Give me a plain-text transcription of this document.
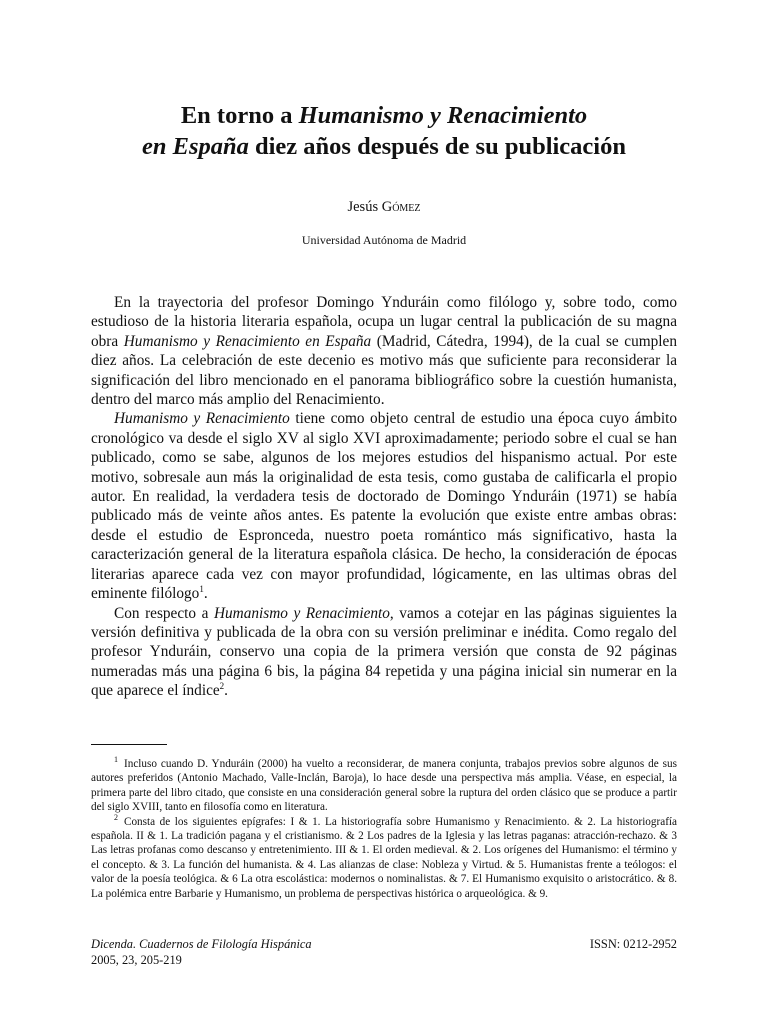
En torno a Humanismo y Renacimiento
en España diez años después de su publicación
Jesús Gómez
Universidad Autónoma de Madrid

En la trayectoria del profesor Domingo Ynduráin como filólogo y, sobre todo, como estudioso de la historia literaria española, ocupa un lugar central la publicación de su magna obra Humanismo y Renacimiento en España (Madrid, Cátedra, 1994), de la cual se cumplen diez años. La celebración de este decenio es motivo más que suficiente para reconsiderar la significación del libro mencionado en el panorama bibliográfico sobre la cuestión humanista, dentro del marco más amplio del Renacimiento.

Humanismo y Renacimiento tiene como objeto central de estudio una época cuyo ámbito cronológico va desde el siglo XV al siglo XVI aproximadamente; periodo sobre el cual se han publicado, como se sabe, algunos de los mejores estudios del hispanismo actual. Por este motivo, sobresale aun más la originalidad de esta tesis, como gustaba de calificarla el propio autor. En realidad, la verdadera tesis de doctorado de Domingo Ynduráin (1971) se había publicado más de veinte años antes. Es patente la evolución que existe entre ambas obras: desde el estudio de Espronceda, nuestro poeta romántico más significativo, hasta la caracterización general de la literatura española clásica. De hecho, la consideración de épocas literarias aparece cada vez con mayor profundidad, lógicamente, en las ultimas obras del eminente filólogo$^1$.

Con respecto a Humanismo y Renacimiento, vamos a cotejar en las páginas siguientes la versión definitiva y publicada de la obra con su versión preliminar e inédita. Como regalo del profesor Ynduráin, conservo una copia de la primera versión que consta de 92 páginas numeradas más una página 6 bis, la página 84 repetida y una página inicial sin numerar en la que aparece el índice$^2$.

$^1$ Incluso cuando D. Ynduráin (2000) ha vuelto a reconsiderar, de manera conjunta, trabajos previos sobre algunos de sus autores preferidos (Antonio Machado, Valle-Inclán, Baroja), lo hace desde una perspectiva más amplia. Véase, en especial, la primera parte del libro citado, que consiste en una consideración general sobre la ruptura del orden clásico que se produce a partir del siglo XVIII, tanto en filosofía como en literatura.

$^2$ Consta de los siguientes epígrafes: I & 1. La historiografía sobre Humanismo y Renacimiento. & 2. La historiografía española. II & 1. La tradición pagana y el cristianismo. & 2 Los padres de la Iglesia y las letras paganas: atracción-rechazo. & 3 Las letras profanas como descanso y entretenimiento. III & 1. El orden medieval. & 2. Los orígenes del Humanismo: el término y el concepto. & 3. La función del humanista. & 4. Las alianzas de clase: Nobleza y Virtud. & 5. Humanistas frente a teólogos: el valor de la poesía teológica. & 6 La otra escolástica: modernos o nominalistas. & 7. El Humanismo exquisito o aristocrático. & 8. La polémica entre Barbarie y Humanismo, un problema de perspectivas histórica o arqueológica. & 9.

Dicenda. Cuadernos de Filología Hispánica
2005, 23, 205-219
ISSN: 0212-2952
